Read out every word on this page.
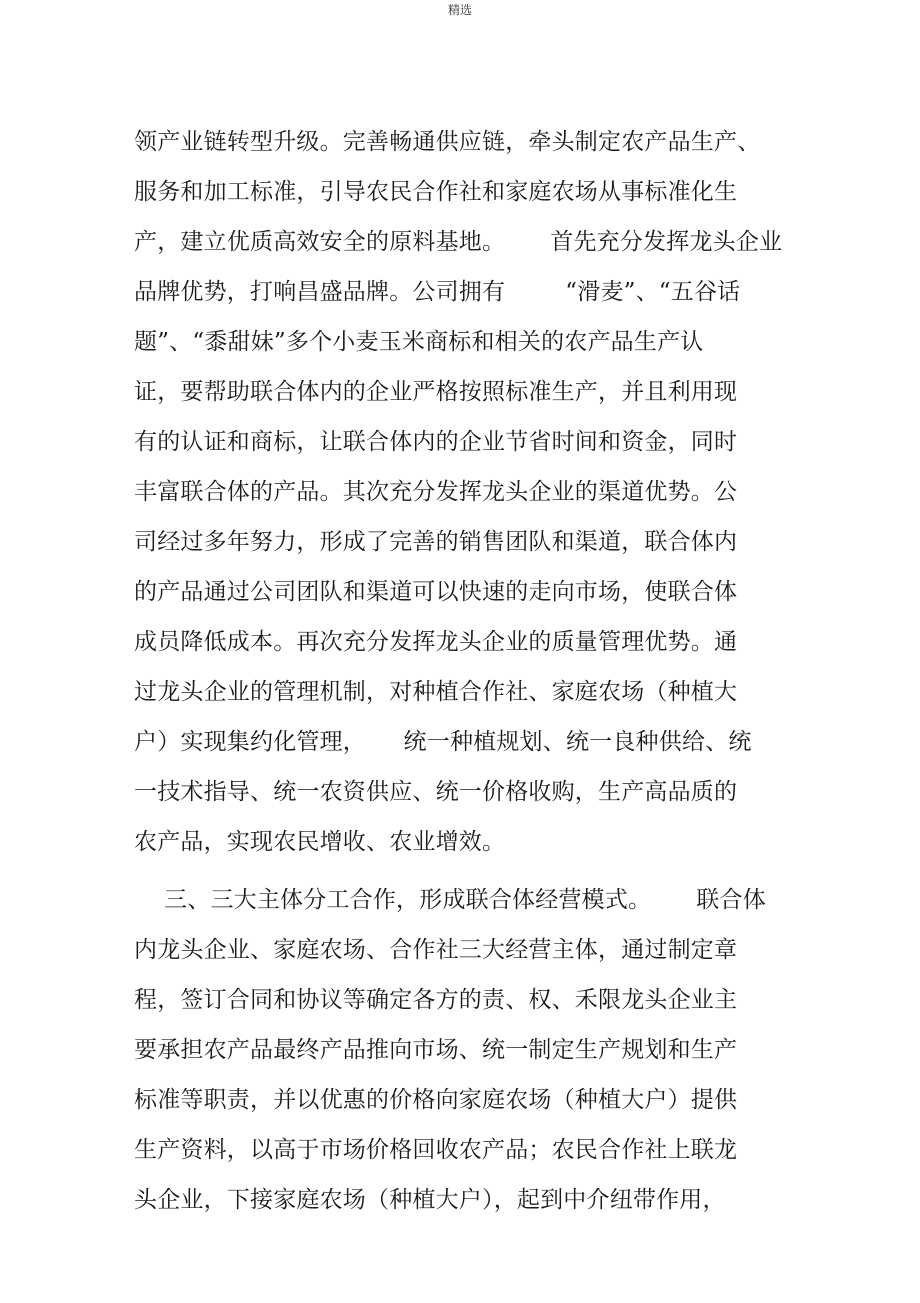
精选
领产业链转型升级。完善畅通供应链，牵头制定农产品生产、
服务和加工标准，引导农民合作社和家庭农场从事标准化生
产，建立优质高效安全的原料基地。      首先充分发挥龙头企业
品牌优势，打响昌盛品牌。公司拥有        “滑麦”、“五谷话
题”、“黍甜妹”多个小麦玉米商标和相关的农产品生产认
证，要帮助联合体内的企业严格按照标准生产，并且利用现
有的认证和商标，让联合体内的企业节省时间和资金，同时
丰富联合体的产品。其次充分发挥龙头企业的渠道优势。公
司经过多年努力，形成了完善的销售团队和渠道，联合体内
的产品通过公司团队和渠道可以快速的走向市场，使联合体
成员降低成本。再次充分发挥龙头企业的质量管理优势。通
过龙头企业的管理机制，对种植合作社、家庭农场（种植大
户）实现集约化管理，     统一种植规划、统一良种供给、统
一技术指导、统一农资供应、统一价格收购，生产高品质的
农产品，实现农民增收、农业增效。
三、三大主体分工合作，形成联合体经营模式。      联合体
内龙头企业、家庭农场、合作社三大经营主体，通过制定章
程，签订合同和协议等确定各方的责、权、禾限龙头企业主
要承担农产品最终产品推向市场、统一制定生产规划和生产
标准等职责，并以优惠的价格向家庭农场（种植大户）提供
生产资料，以高于市场价格回收农产品；农民合作社上联龙
头企业，下接家庭农场（种植大户），起到中介纽带作用，
